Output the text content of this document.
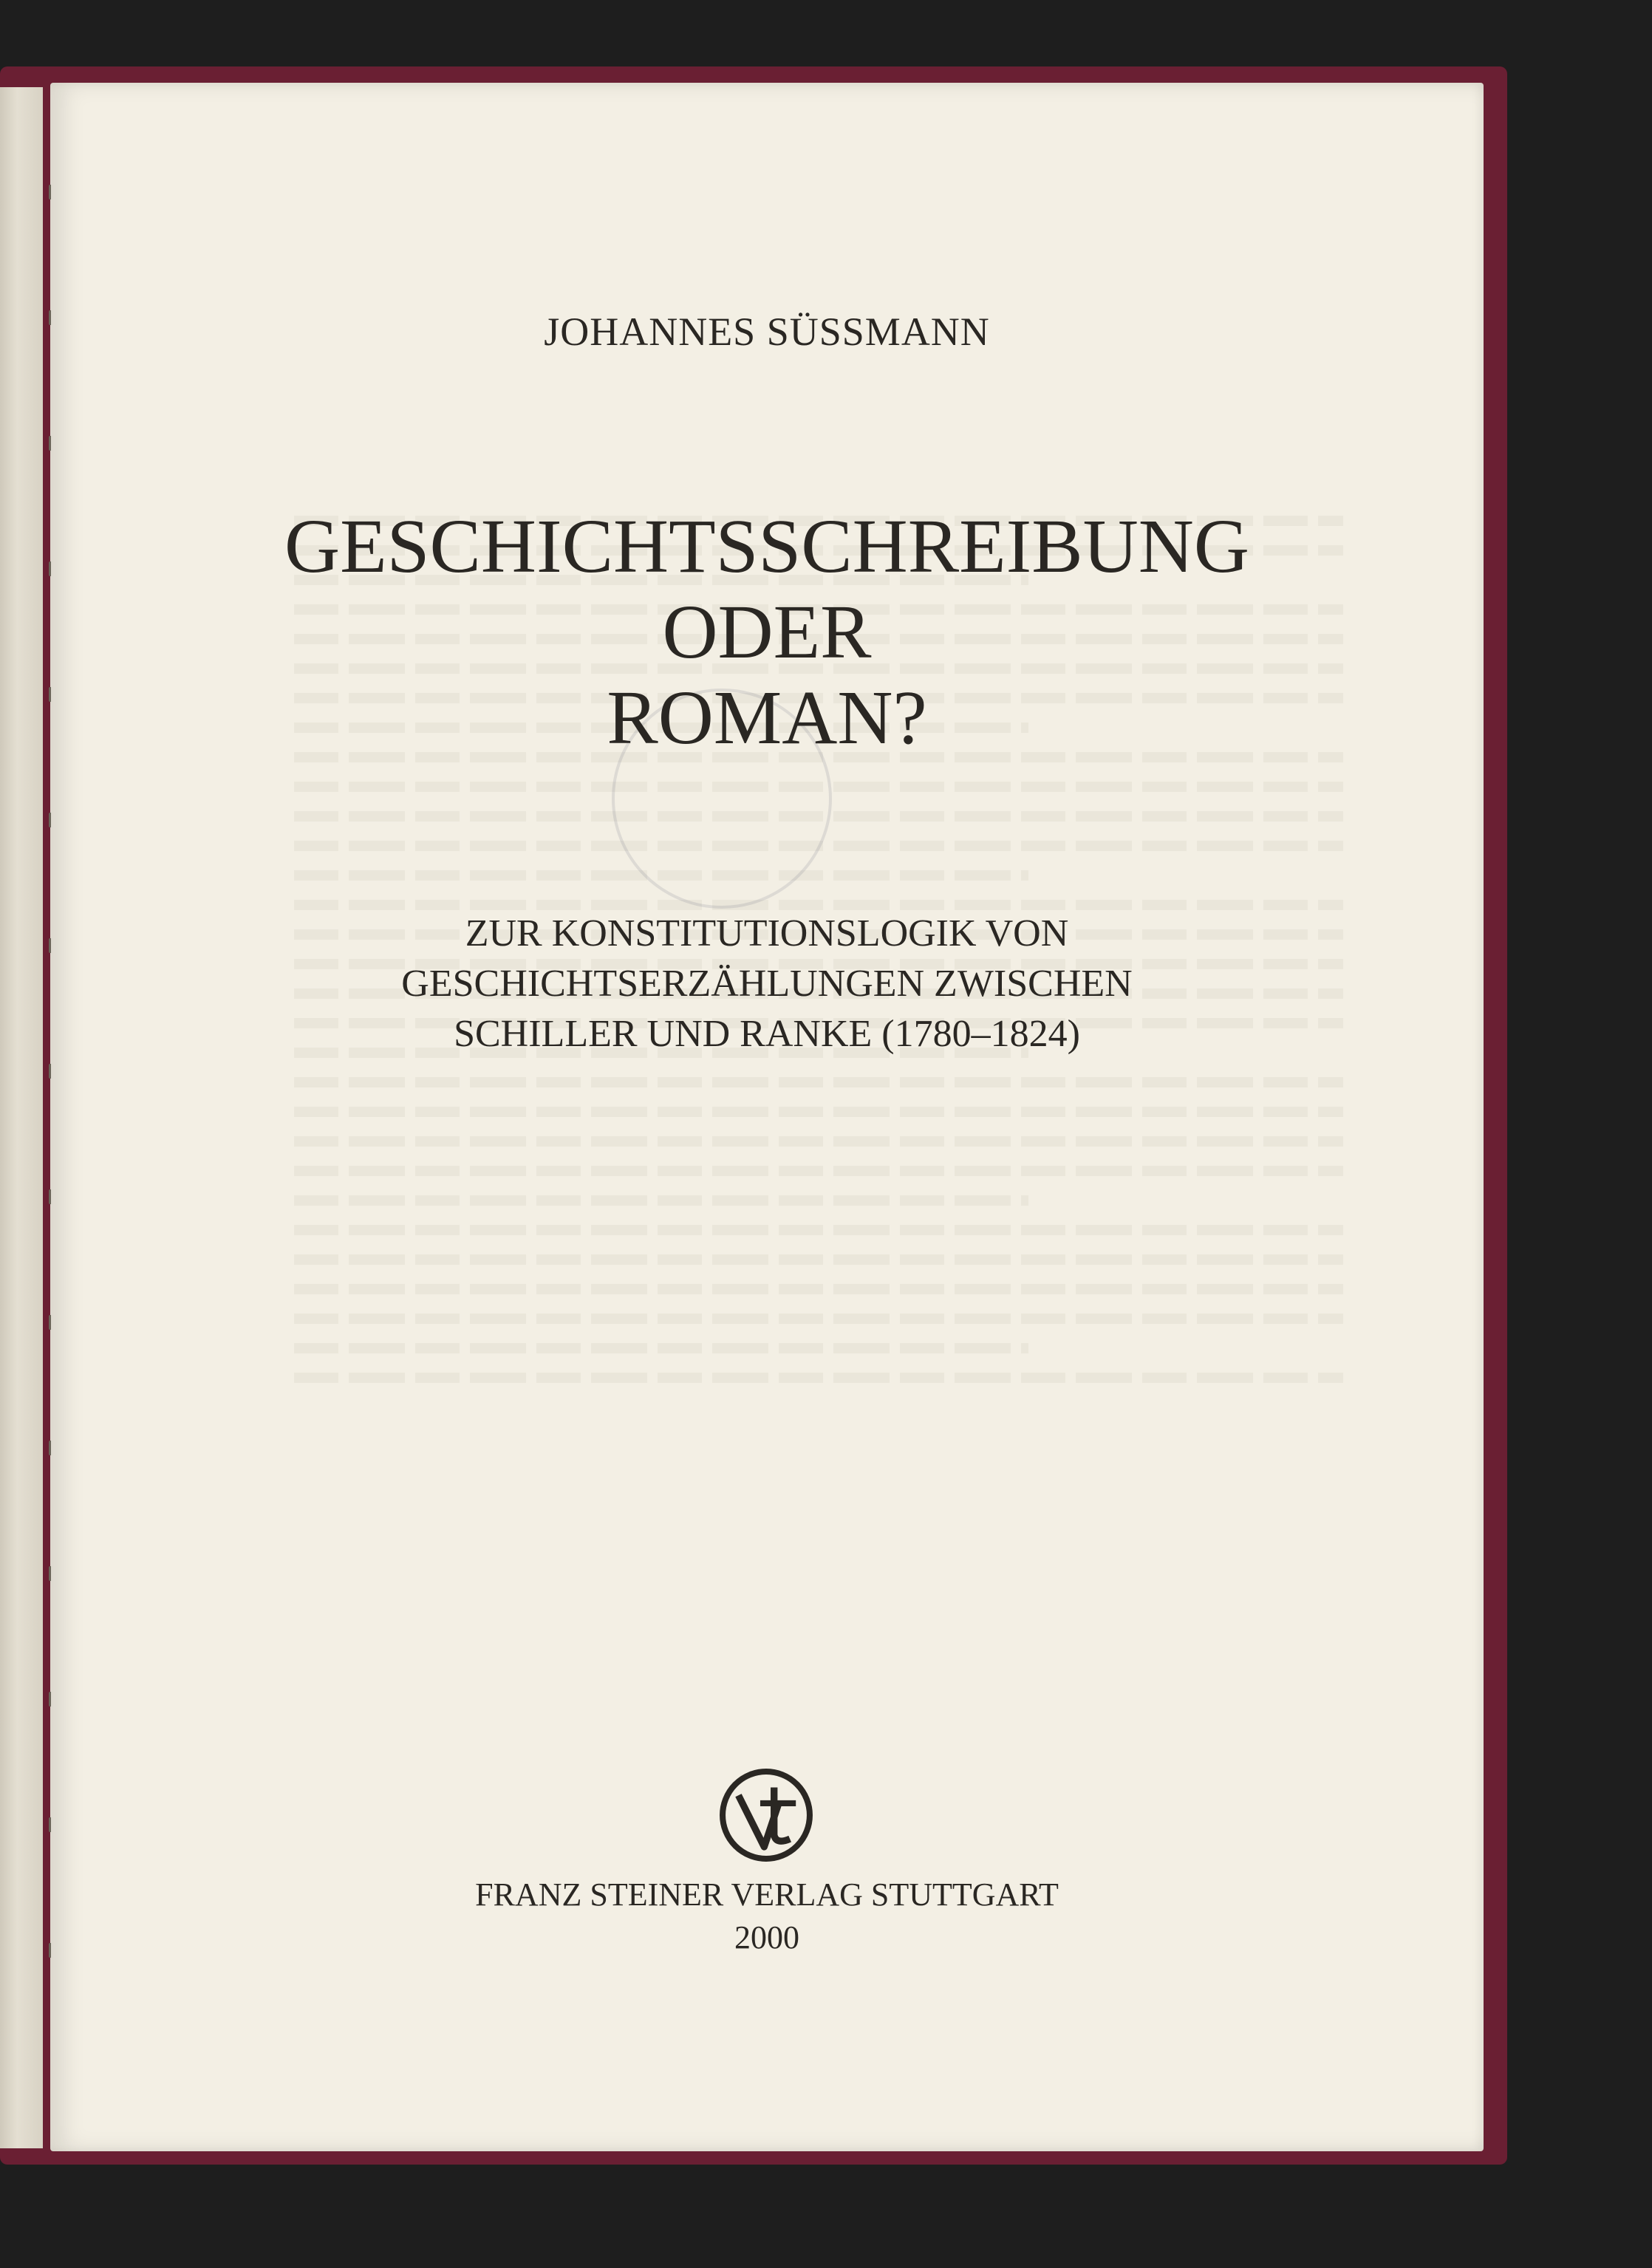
JOHANNES SÜSSMANN
GESCHICHTSSCHREIBUNG
ODER
ROMAN?
ZUR KONSTITUTIONSLOGIK VON
GESCHICHTSERZÄHLUNGEN ZWISCHEN
SCHILLER UND RANKE (1780–1824)
FRANZ STEINER VERLAG STUTTGART
2000
